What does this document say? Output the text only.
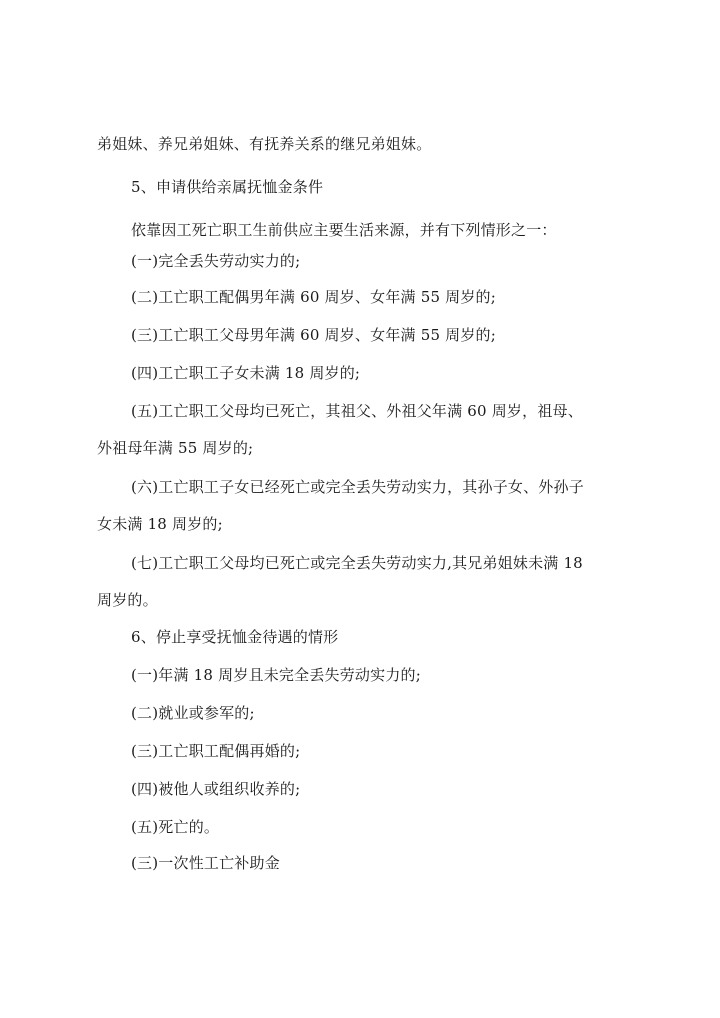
弟姐妹、养兄弟姐妹、有抚养关系的继兄弟姐妹。
5、申请供给亲属抚恤金条件
依靠因工死亡职工生前供应主要生活来源，并有下列情形之一：
(一)完全丢失劳动实力的;
(二)工亡职工配偶男年满 60 周岁、女年满 55 周岁的;
(三)工亡职工父母男年满 60 周岁、女年满 55 周岁的;
(四)工亡职工子女未满 18 周岁的;
(五)工亡职工父母均已死亡，其祖父、外祖父年满 60 周岁，祖母、
外祖母年满 55 周岁的;
(六)工亡职工子女已经死亡或完全丢失劳动实力，其孙子女、外孙子
女未满 18 周岁的;
(七)工亡职工父母均已死亡或完全丢失劳动实力,其兄弟姐妹未满 18
周岁的。
6、停止享受抚恤金待遇的情形
(一)年满 18 周岁且未完全丢失劳动实力的;
(二)就业或参军的;
(三)工亡职工配偶再婚的;
(四)被他人或组织收养的;
(五)死亡的。
(三)一次性工亡补助金
